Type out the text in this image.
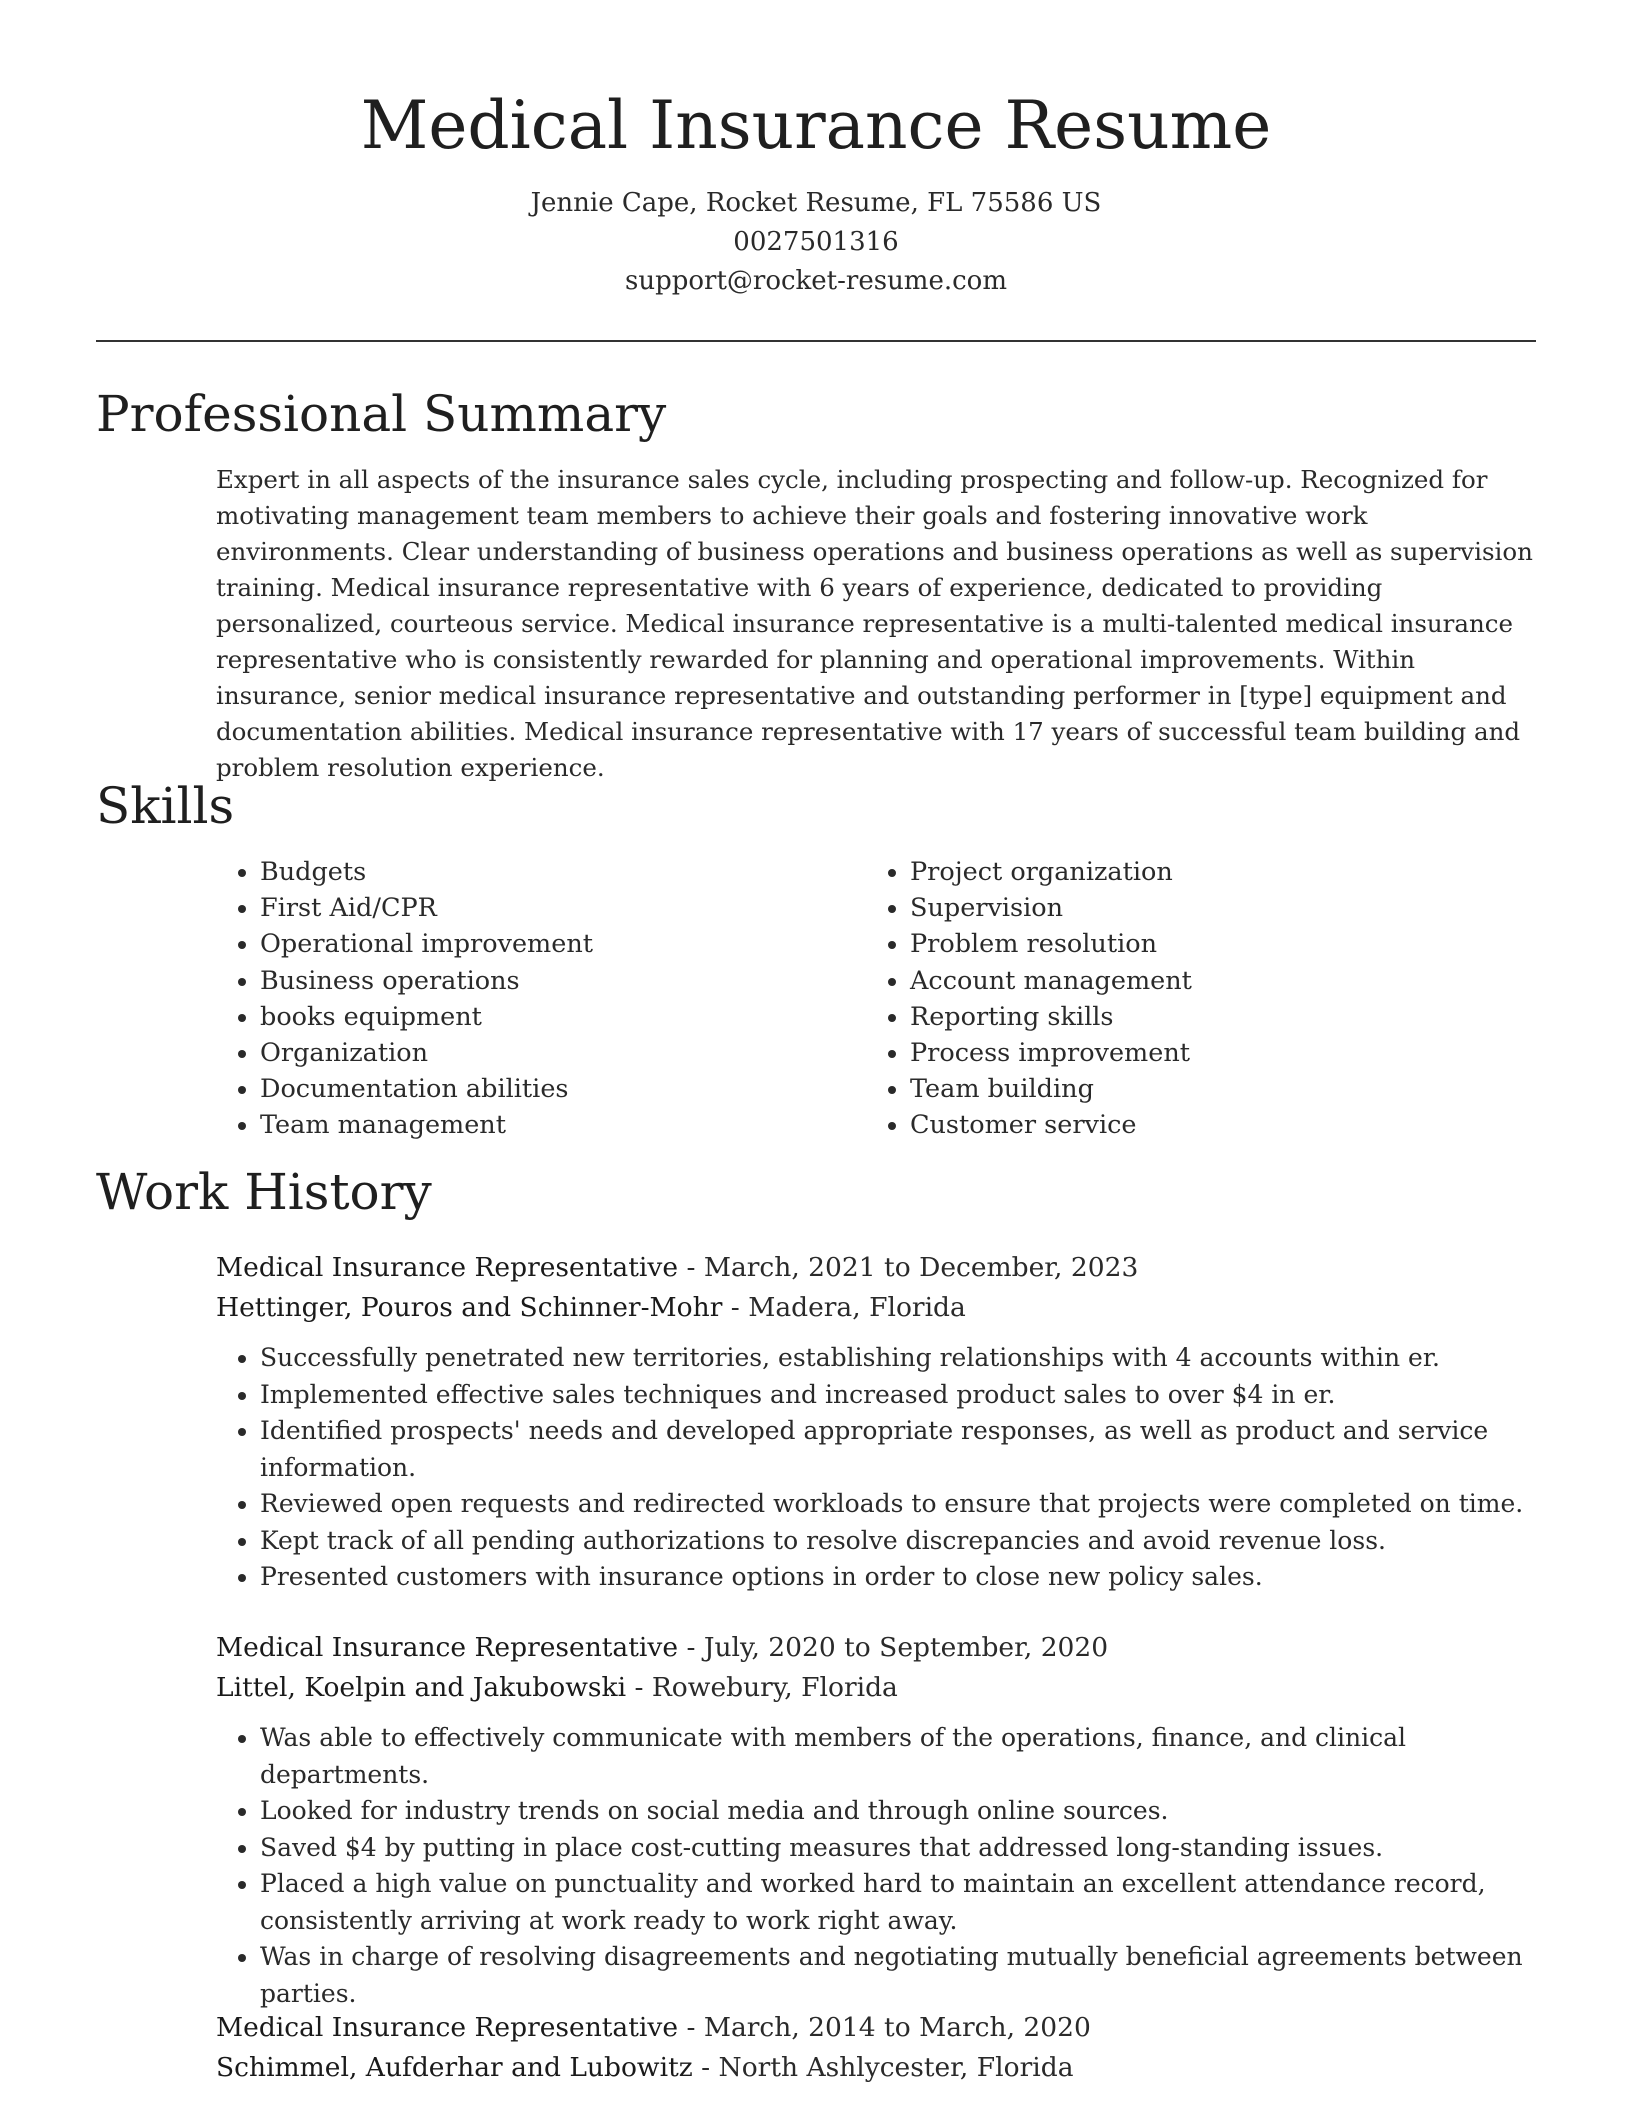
Medical Insurance Resume
Jennie Cape, Rocket Resume, FL 75586 US
0027501316
support@rocket-resume.com
Professional Summary

Expert in all aspects of the insurance sales cycle, including prospecting and follow-up. Recognized for motivating management team members to achieve their goals and fostering innovative work environments. Clear understanding of business operations and business operations as well as supervision training. Medical insurance representative with 6 years of experience, dedicated to providing personalized, courteous service. Medical insurance representative is a multi-talented medical insurance representative who is consistently rewarded for planning and operational improvements. Within insurance, senior medical insurance representative and outstanding performer in [type] equipment and documentation abilities. Medical insurance representative with 17 years of successful team building and problem resolution experience.

Skills
• Budgets
• First Aid/CPR
• Operational improvement
• Business operations
• books equipment
• Organization
• Documentation abilities
• Team management
• Project organization
• Supervision
• Problem resolution
• Account management
• Reporting skills
• Process improvement
• Team building
• Customer service
Work History
Medical Insurance Representative - March, 2021 to December, 2023
Hettinger, Pouros and Schinner-Mohr - Madera, Florida
• Successfully penetrated new territories, establishing relationships with 4 accounts within er.
• Implemented effective sales techniques and increased product sales to over $4 in er.
• Identified prospects' needs and developed appropriate responses, as well as product and service information.
• Reviewed open requests and redirected workloads to ensure that projects were completed on time.
• Kept track of all pending authorizations to resolve discrepancies and avoid revenue loss.
• Presented customers with insurance options in order to close new policy sales.
Medical Insurance Representative - July, 2020 to September, 2020
Littel, Koelpin and Jakubowski - Rowebury, Florida
• Was able to effectively communicate with members of the operations, finance, and clinical departments.
• Looked for industry trends on social media and through online sources.
• Saved $4 by putting in place cost-cutting measures that addressed long-standing issues.
• Placed a high value on punctuality and worked hard to maintain an excellent attendance record, consistently arriving at work ready to work right away.
• Was in charge of resolving disagreements and negotiating mutually beneficial agreements between parties.
Medical Insurance Representative - March, 2014 to March, 2020
Schimmel, Aufderhar and Lubowitz - North Ashlycester, Florida
